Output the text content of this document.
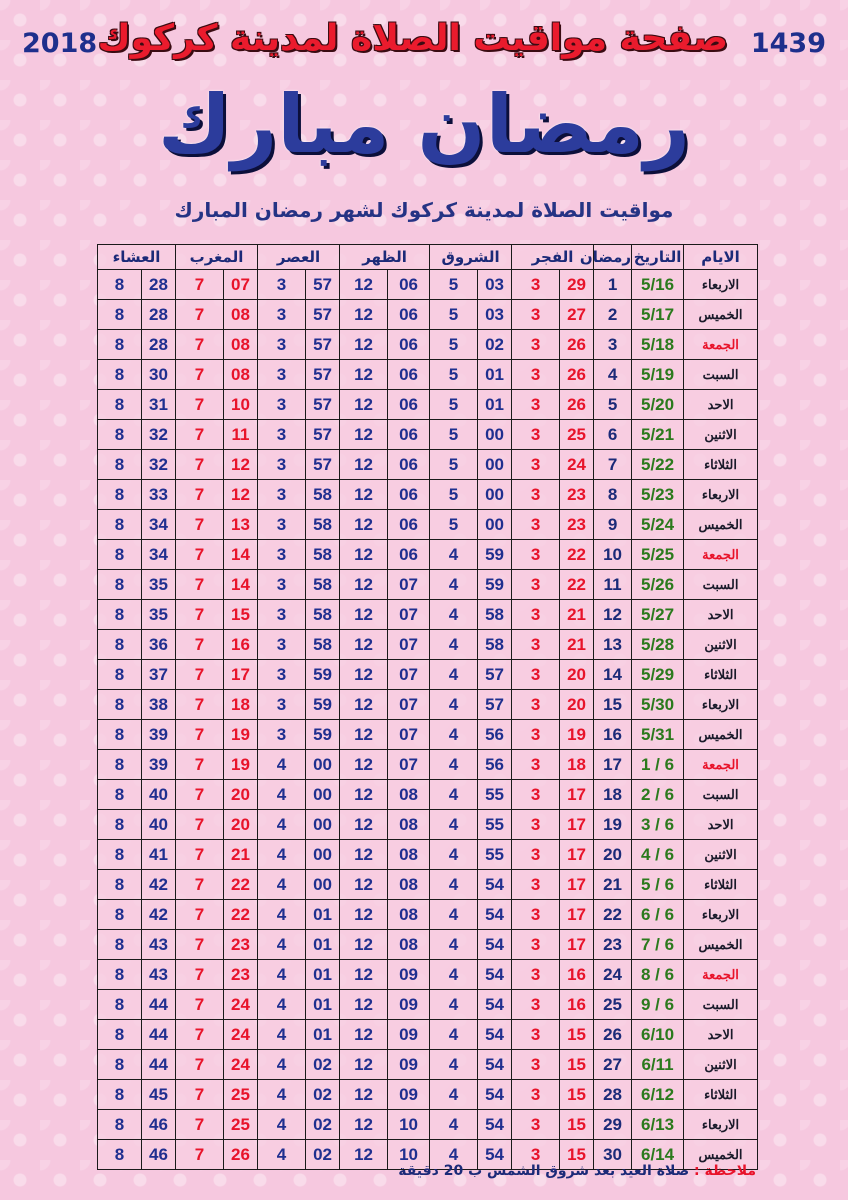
2018	1439
صفحة مواقيت الصلاة لمدينة كركوك
رمضان مبارك
مواقيت الصلاة لمدينة كركوك لشهر رمضان المبارك
الايام	التاريخ	رمضان	الفجر		الشروق		الظهر		العصر		المغرب		العشاء	
الاربعاء	5/16	1	29	3	03	5	06	12	57	3	07	7	28	8
الخميس	5/17	2	27	3	03	5	06	12	57	3	08	7	28	8
الجمعة	5/18	3	26	3	02	5	06	12	57	3	08	7	28	8
السبت	5/19	4	26	3	01	5	06	12	57	3	08	7	30	8
الاحد	5/20	5	26	3	01	5	06	12	57	3	10	7	31	8
الاثنين	5/21	6	25	3	00	5	06	12	57	3	11	7	32	8
الثلاثاء	5/22	7	24	3	00	5	06	12	57	3	12	7	32	8
الاربعاء	5/23	8	23	3	00	5	06	12	58	3	12	7	33	8
الخميس	5/24	9	23	3	00	5	06	12	58	3	13	7	34	8
الجمعة	5/25	10	22	3	59	4	06	12	58	3	14	7	34	8
السبت	5/26	11	22	3	59	4	07	12	58	3	14	7	35	8
الاحد	5/27	12	21	3	58	4	07	12	58	3	15	7	35	8
الاثنين	5/28	13	21	3	58	4	07	12	58	3	16	7	36	8
الثلاثاء	5/29	14	20	3	57	4	07	12	59	3	17	7	37	8
الاربعاء	5/30	15	20	3	57	4	07	12	59	3	18	7	38	8
الخميس	5/31	16	19	3	56	4	07	12	59	3	19	7	39	8
الجمعة	6 / 1	17	18	3	56	4	07	12	00	4	19	7	39	8
السبت	6 / 2	18	17	3	55	4	08	12	00	4	20	7	40	8
الاحد	6 / 3	19	17	3	55	4	08	12	00	4	20	7	40	8
الاثنين	6 / 4	20	17	3	55	4	08	12	00	4	21	7	41	8
الثلاثاء	6 / 5	21	17	3	54	4	08	12	00	4	22	7	42	8
الاربعاء	6 / 6	22	17	3	54	4	08	12	01	4	22	7	42	8
الخميس	6 / 7	23	17	3	54	4	08	12	01	4	23	7	43	8
الجمعة	6 / 8	24	16	3	54	4	09	12	01	4	23	7	43	8
السبت	6 / 9	25	16	3	54	4	09	12	01	4	24	7	44	8
الاحد	6/10	26	15	3	54	4	09	12	01	4	24	7	44	8
الاثنين	6/11	27	15	3	54	4	09	12	02	4	24	7	44	8
الثلاثاء	6/12	28	15	3	54	4	09	12	02	4	25	7	45	8
الاربعاء	6/13	29	15	3	54	4	10	12	02	4	25	7	46	8
الخميس	6/14	30	15	3	54	4	10	12	02	4	26	7	46	8
ملاحظة : صلاة العيد بعد شروق الشمس ب 20 دقيقة
